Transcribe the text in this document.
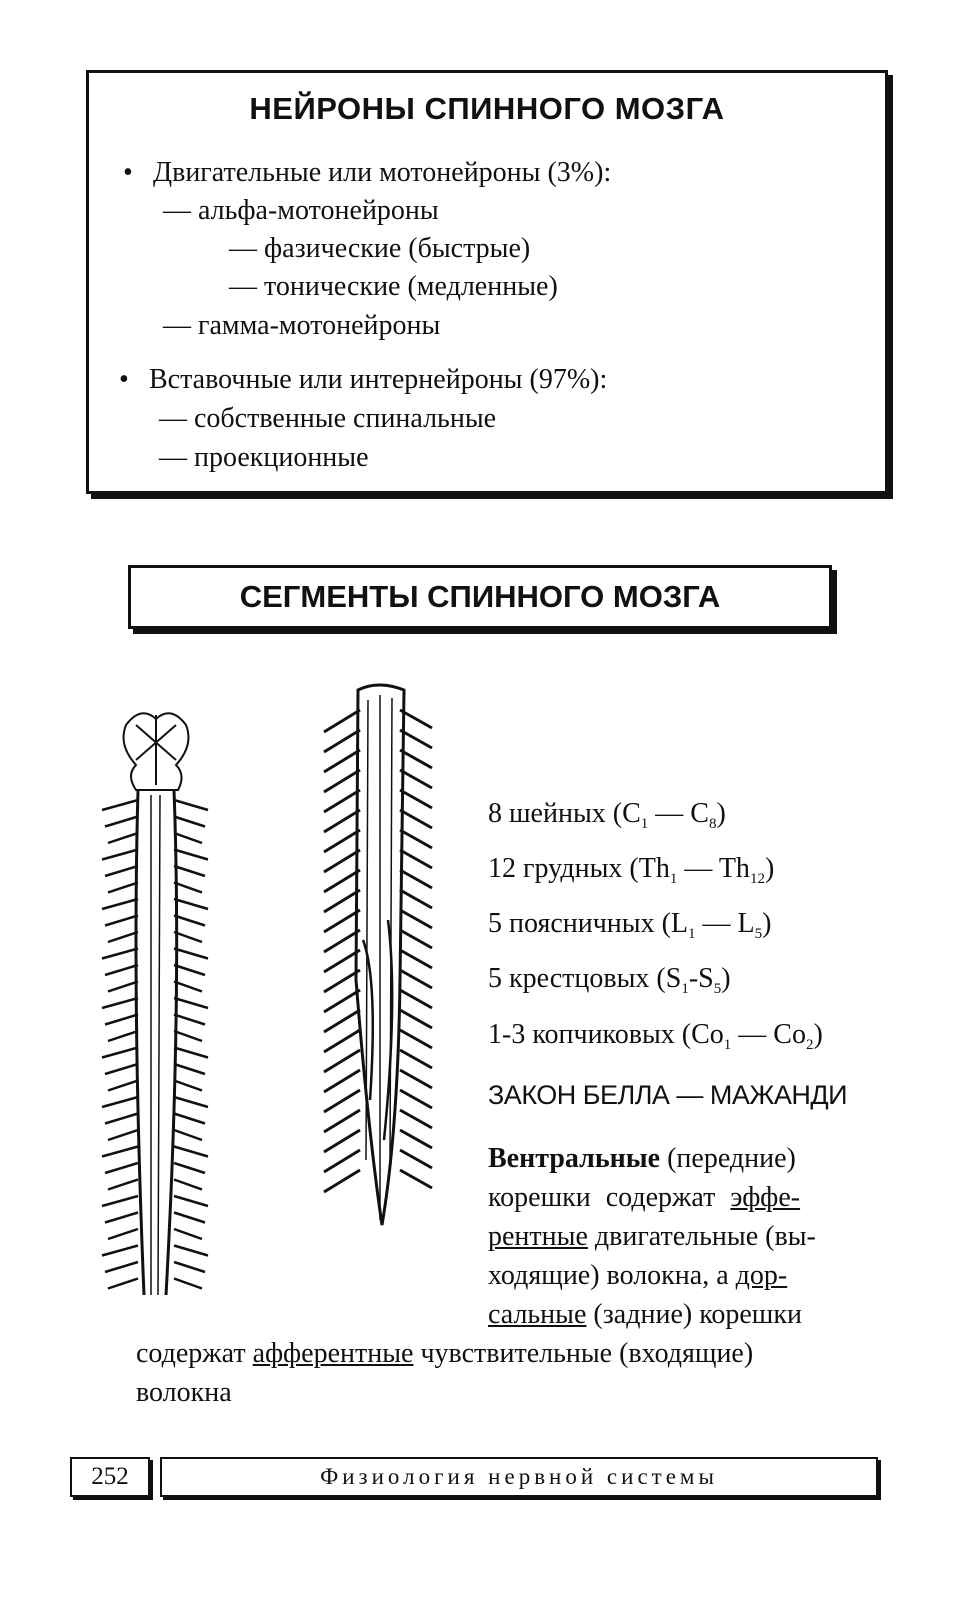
НЕЙРОНЫ СПИННОГО МОЗГА
• Двигательные или мотонейроны (3%):
— альфа-мотонейроны
— фазические (быстрые)
— тонические (медленные)
— гамма-мотонейроны
• Вставочные или интернейроны (97%):
— собственные спинальные
— проекционные
СЕГМЕНТЫ СПИННОГО МОЗГА
8 шейных ($C_1$ — $C_8$)
12 грудных ($Th_1$ — $Th_{12}$)
5 поясничных ($L_1$ — $L_5$)
5 крестцовых $(S_1-S_5)$
1-3 копчиковых ($Co_1$ — $Co_2$)
ЗАКОН БЕЛЛА — МАЖАНДИ
Вентральные (передние)
корешки содержат эффе-
рентные двигательные (вы-
ходящие) волокна, а дор-
сальные (задние) корешки
содержат афферентные чувствительные (входящие)
волокна
252	Физиология нервной системы
